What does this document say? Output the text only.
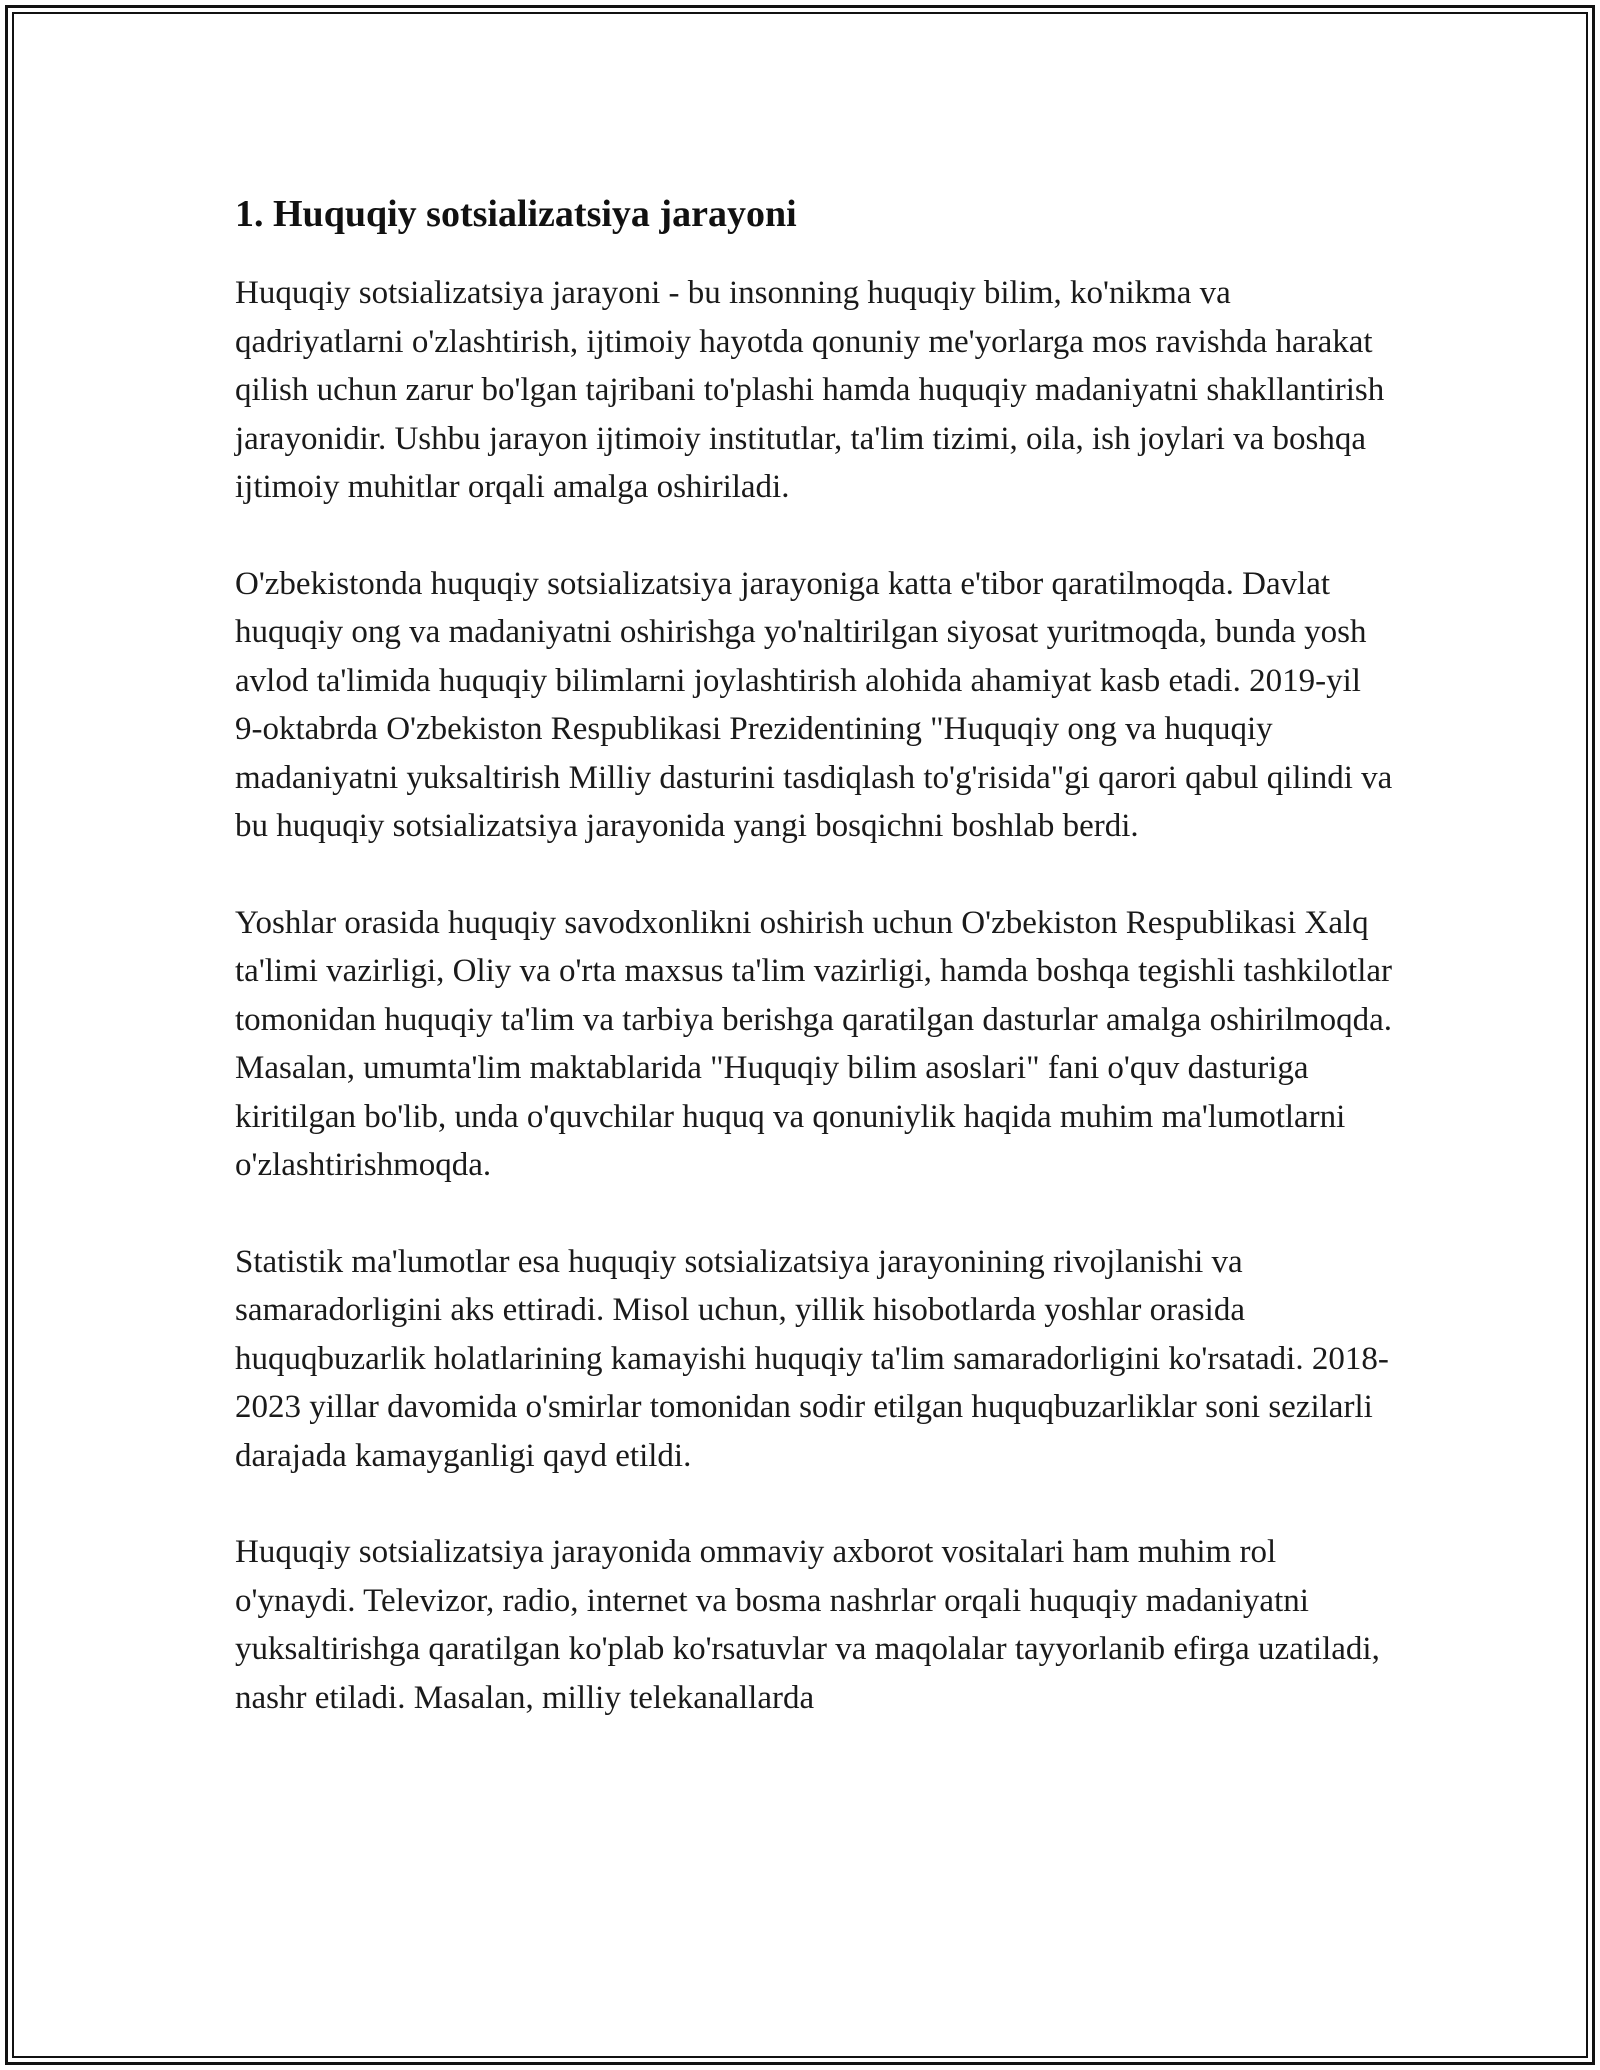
1. Huquqiy sotsializatsiya jarayoni

Huquqiy sotsializatsiya jarayoni - bu insonning huquqiy bilim, ko'nikma va qadriyatlarni o'zlashtirish, ijtimoiy hayotda qonuniy me'yorlarga mos ravishda harakat qilish uchun zarur bo'lgan tajribani to'plashi hamda huquqiy madaniyatni shakllantirish jarayonidir. Ushbu jarayon ijtimoiy institutlar, ta'lim tizimi, oila, ish joylari va boshqa ijtimoiy muhitlar orqali amalga oshiriladi.

O'zbekistonda huquqiy sotsializatsiya jarayoniga katta e'tibor qaratilmoqda. Davlat huquqiy ong va madaniyatni oshirishga yo'naltirilgan siyosat yuritmoqda, bunda yosh avlod ta'limida huquqiy bilimlarni joylashtirish alohida ahamiyat kasb etadi. 2019-yil 9-oktabrda O'zbekiston Respublikasi Prezidentining "Huquqiy ong va huquqiy madaniyatni yuksaltirish Milliy dasturini tasdiqlash to'g'risida"gi qarori qabul qilindi va bu huquqiy sotsializatsiya jarayonida yangi bosqichni boshlab berdi.

Yoshlar orasida huquqiy savodxonlikni oshirish uchun O'zbekiston Respublikasi Xalq ta'limi vazirligi, Oliy va o'rta maxsus ta'lim vazirligi, hamda boshqa tegishli tashkilotlar tomonidan huquqiy ta'lim va tarbiya berishga qaratilgan dasturlar amalga oshirilmoqda. Masalan, umumta'lim maktablarida "Huquqiy bilim asoslari" fani o'quv dasturiga kiritilgan bo'lib, unda o'quvchilar huquq va qonuniylik haqida muhim ma'lumotlarni o'zlashtirishmoqda.

Statistik ma'lumotlar esa huquqiy sotsializatsiya jarayonining rivojlanishi va samaradorligini aks ettiradi. Misol uchun, yillik hisobotlarda yoshlar orasida huquqbuzarlik holatlarining kamayishi huquqiy ta'lim samaradorligini ko'rsatadi. 2018-2023 yillar davomida o'smirlar tomonidan sodir etilgan huquqbuzarliklar soni sezilarli darajada kamayganligi qayd etildi.

Huquqiy sotsializatsiya jarayonida ommaviy axborot vositalari ham muhim rol o'ynaydi. Televizor, radio, internet va bosma nashrlar orqali huquqiy madaniyatni yuksaltirishga qaratilgan ko'plab ko'rsatuvlar va maqolalar tayyorlanib efirga uzatiladi, nashr etiladi. Masalan, milliy telekanallarda
